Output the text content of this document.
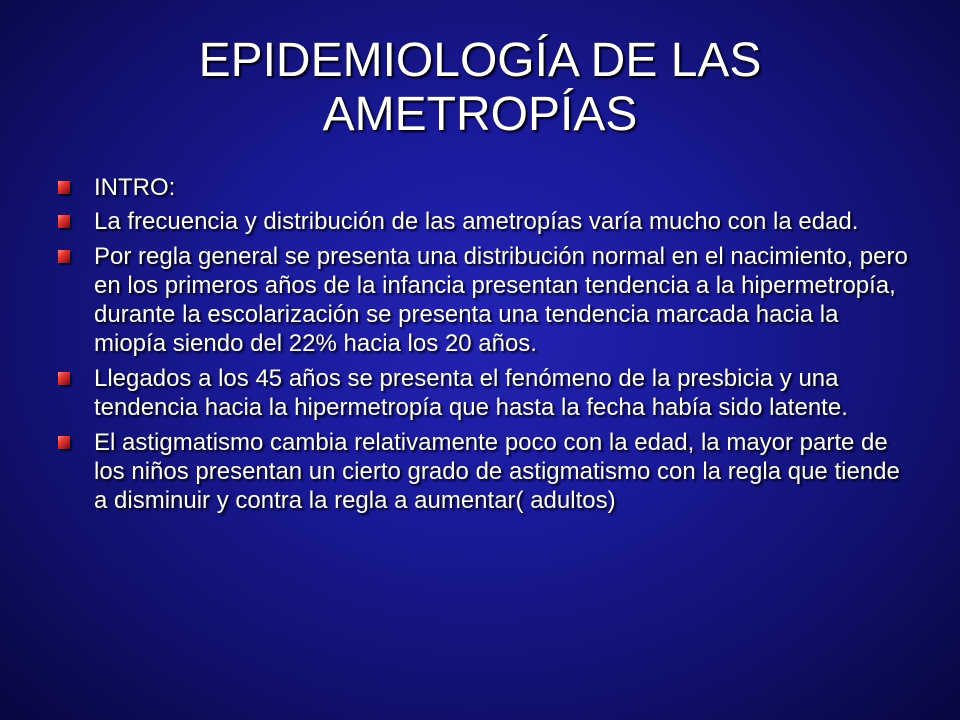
EPIDEMIOLOGÍA DE LAS AMETROPÍAS
INTRO:
La frecuencia y distribución de las ametropías varía mucho con la edad.
Por regla general se presenta una distribución normal en el nacimiento, pero en los primeros años de la infancia presentan tendencia a la hipermetropía, durante la escolarización se presenta una tendencia marcada hacia la miopía siendo del 22% hacia los 20 años.
Llegados a los 45 años se presenta el fenómeno de la presbicia y una tendencia hacia la hipermetropía que hasta la fecha había sido latente.
El astigmatismo cambia relativamente poco con la edad, la mayor parte de los niños presentan un cierto grado de astigmatismo con la regla que tiende a disminuir y contra la regla a aumentar( adultos)
